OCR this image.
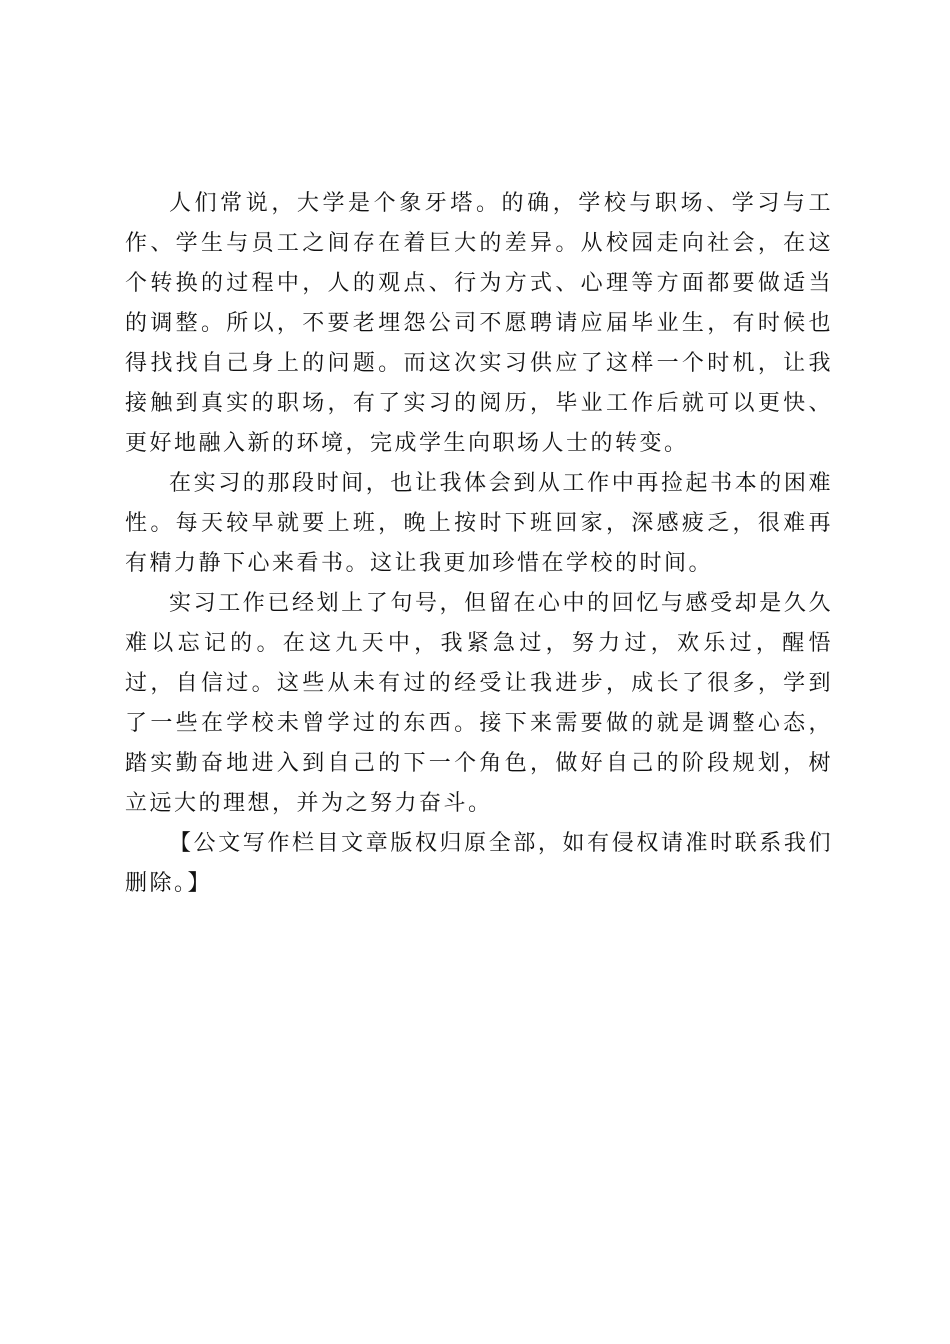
人们常说，大学是个象牙塔。的确，学校与职场、学习与工作、学生与员工之间存在着巨大的差异。从校园走向社会，在这个转换的过程中，人的观点、行为方式、心理等方面都要做适当的调整。所以，不要老埋怨公司不愿聘请应届毕业生，有时候也得找找自己身上的问题。而这次实习供应了这样一个时机，让我接触到真实的职场，有了实习的阅历，毕业工作后就可以更快、更好地融入新的环境，完成学生向职场人士的转变。

在实习的那段时间，也让我体会到从工作中再捡起书本的困难性。每天较早就要上班，晚上按时下班回家，深感疲乏，很难再有精力静下心来看书。这让我更加珍惜在学校的时间。

实习工作已经划上了句号，但留在心中的回忆与感受却是久久难以忘记的。在这九天中，我紧急过，努力过，欢乐过，醒悟过，自信过。这些从未有过的经受让我进步，成长了很多，学到了一些在学校未曾学过的东西。接下来需要做的就是调整心态，踏实勤奋地进入到自己的下一个角色，做好自己的阶段规划，树立远大的理想，并为之努力奋斗。

【公文写作栏目文章版权归原全部，如有侵权请准时联系我们删除。】
